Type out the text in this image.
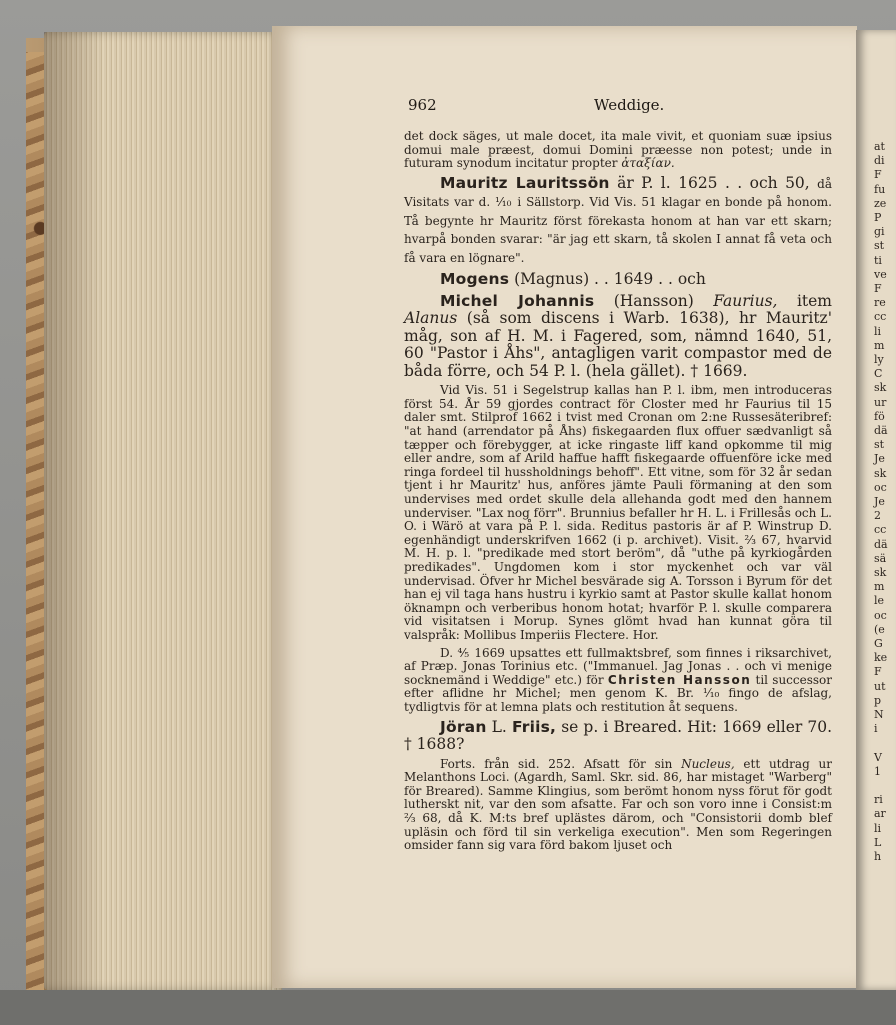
at
di
F
fu
ze
P
gi
st
ti
ve
F
re
cc
li
m
ly
C
sk
ur
fö
dä
st
Je
sk
oc
Je
2
cc
dä
sä
sk
m
le
oc
(e
G
ke
F
ut
p
N
i
V
1
ri
ar
li
L
h
962	Weddige.

det dock säges, ut male docet, ita male vivit, et quoniam suæ ipsius domui male præest, domui Domini præesse non potest; unde in futuram synodum incitatur propter ἀταξίαν.

Mauritz Lauritssön är P. l. 1625 . . och 50, då Visitats var d. ⅒ i Sällstorp. Vid Vis. 51 klagar en bonde på honom. Tå begynte hr Mauritz först förekasta honom at han var ett skarn; hvarpå bonden svarar: "är jag ett skarn, tå skolen I annat få veta och få vara en lögnare".

Mogens (Magnus) . . 1649 . . och

Michel Johannis (Hansson) Faurius, item Alanus (så som discens i Warb. 1638), hr Mauritz' måg, son af H. M. i Fagered, som, nämnd 1640, 51, 60 "Pastor i Åhs", antagligen varit compastor med de båda förre, och 54 P. l. (hela gället). † 1669.

Vid Vis. 51 i Segelstrup kallas han P. l. ibm, men introduceras först 54. År 59 gjordes contract för Closter med hr Faurius til 15 daler smt. Stilprof 1662 i tvist med Cronan om 2:ne Russesäteribref: "at hand (arrendator på Åhs) fiskegaarden flux offuer sædvanligt så tæpper och förebygger, at icke ringaste liff kand opkomme til mig eller andre, som af Arild haffue hafft fiskegaarde offuenföre icke med ringa fordeel til hussholdnings behoff". Ett vitne, som för 32 år sedan tjent i hr Mauritz' hus, anföres jämte Pauli förmaning at den som undervises med ordet skulle dela allehanda godt med den hannem underviser. "Lax nog förr". Brunnius befaller hr H. L. i Frillesås och L. O. i Wärö at vara på P. l. sida. Reditus pastoris är af P. Winstrup D. egenhändigt underskrifven 1662 (i p. archivet). Visit. ⅔ 67, hvarvid M. H. p. l. "predikade med stort beröm", då "uthe på kyrkiogården predikades". Ungdomen kom i stor myckenhet och var väl undervisad. Öfver hr Michel besvärade sig A. Torsson i Byrum för det han ej vil taga hans hustru i kyrkio samt at Pastor skulle kallat honom öknampn och verberibus honom hotat; hvarför P. l. skulle comparera vid visitatsen i Morup. Synes glömt hvad han kunnat göra til valspråk: Mollibus Imperiis Flectere. Hor.

D. ⅘ 1669 upsattes ett fullmaktsbref, som finnes i riksarchivet, af Præp. Jonas Torinius etc. ("Immanuel. Jag Jonas . . och vi menige socknemänd i Weddige" etc.) för Christen Hansson til successor efter aflidne hr Michel; men genom K. Br. ⅟₁₀ fingo de afslag, tydligtvis för at lemna plats och restitution åt sequens.

Jöran L. Friis, se p. i Breared. Hit: 1669 eller 70. † 1688?

Forts. från sid. 252. Afsatt för sin Nucleus, ett utdrag ur Melanthons Loci. (Agardh, Saml. Skr. sid. 86, har mistaget "Warberg" för Breared). Samme Klingius, som berömt honom nyss förut för godt lutherskt nit, var den som afsatte. Far och son voro inne i Consist:m ⅔ 68, då K. M:ts bref uplästes därom, och "Consistorii domb blef upläsin och förd til sin verkeliga execution". Men som Regeringen omsider fann sig vara förd bakom ljuset och
